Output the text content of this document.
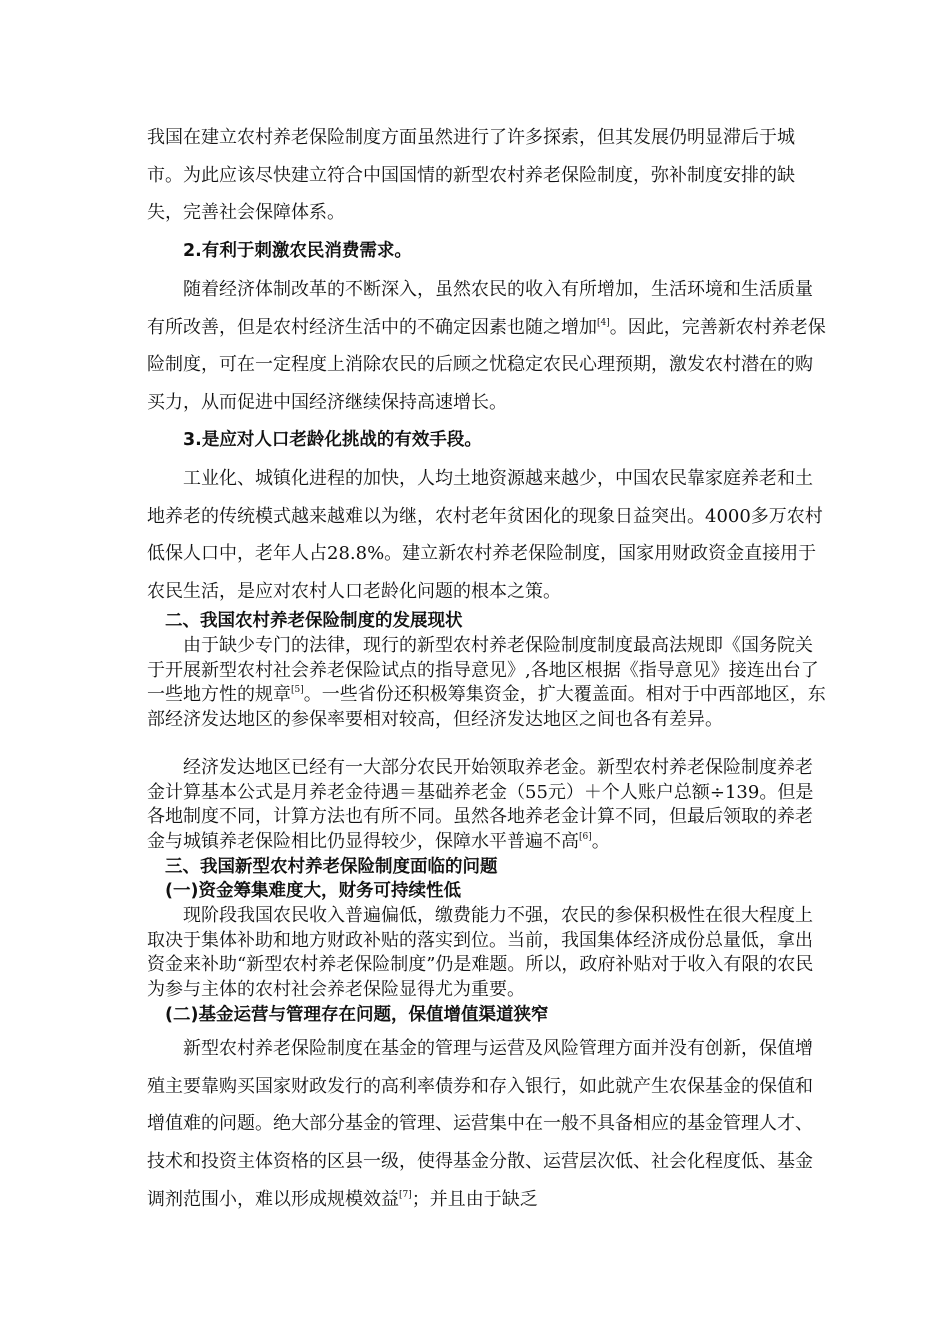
我国在建立农村养老保险制度方面虽然进行了许多探索，但其发展仍明显滞后于城市。为此应该尽快建立符合中国国情的新型农村养老保险制度，弥补制度安排的缺失，完善社会保障体系。

2.有利于刺激农民消费需求。

随着经济体制改革的不断深入，虽然农民的收入有所增加，生活环境和生活质量有所改善，但是农村经济生活中的不确定因素也随之增加[4]。因此，完善新农村养老保险制度，可在一定程度上消除农民的后顾之忧稳定农民心理预期，激发农村潜在的购买力，从而促进中国经济继续保持高速增长。

3.是应对人口老龄化挑战的有效手段。

工业化、城镇化进程的加快，人均土地资源越来越少，中国农民靠家庭养老和土地养老的传统模式越来越难以为继，农村老年贫困化的现象日益突出。4000多万农村低保人口中，老年人占28.8%。建立新农村养老保险制度，国家用财政资金直接用于农民生活，是应对农村人口老龄化问题的根本之策。

二、我国农村养老保险制度的发展现状

由于缺少专门的法律，现行的新型农村养老保险制度制度最高法规即《国务院关于开展新型农村社会养老保险试点的指导意见》,各地区根据《指导意见》接连出台了一些地方性的规章[5]。一些省份还积极筹集资金，扩大覆盖面。相对于中西部地区，东部经济发达地区的参保率要相对较高，但经济发达地区之间也各有差异。

经济发达地区已经有一大部分农民开始领取养老金。新型农村养老保险制度养老金计算基本公式是月养老金待遇＝基础养老金（55元）＋个人账户总额÷139。但是各地制度不同，计算方法也有所不同。虽然各地养老金计算不同，但最后领取的养老金与城镇养老保险相比仍显得较少，保障水平普遍不高[6]。

三、我国新型农村养老保险制度面临的问题

(一)资金筹集难度大，财务可持续性低

现阶段我国农民收入普遍偏低，缴费能力不强，农民的参保积极性在很大程度上取决于集体补助和地方财政补贴的落实到位。当前，我国集体经济成份总量低，拿出资金来补助“新型农村养老保险制度”仍是难题。所以，政府补贴对于收入有限的农民为参与主体的农村社会养老保险显得尤为重要。

(二)基金运营与管理存在问题，保值增值渠道狭窄

新型农村养老保险制度在基金的管理与运营及风险管理方面并没有创新，保值增殖主要靠购买国家财政发行的高利率债券和存入银行，如此就产生农保基金的保值和增值难的问题。绝大部分基金的管理、运营集中在一般不具备相应的基金管理人才、技术和投资主体资格的区县一级，使得基金分散、运营层次低、社会化程度低、基金调剂范围小，难以形成规模效益[7]；并且由于缺乏
